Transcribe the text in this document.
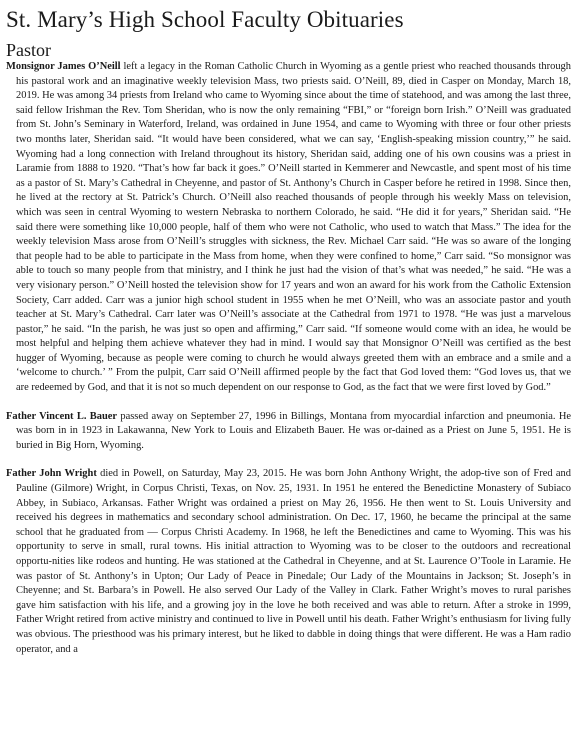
St. Mary’s High School Faculty Obituaries
Pastor

Monsignor James O’Neill left a legacy in the Roman Catholic Church in Wyoming as a gentle priest who reached thousands through his pastoral work and an imaginative weekly television Mass, two priests said. O’Neill, 89, died in Casper on Monday, March 18, 2019. He was among 34 priests from Ireland who came to Wyoming since about the time of statehood, and was among the last three, said fellow Irishman the Rev. Tom Sheridan, who is now the only remaining “FBI,” or “foreign born Irish.” O’Neill was graduated from St. John’s Seminary in Waterford, Ireland, was ordained in June 1954, and came to Wyoming with three or four other priests two months later, Sheridan said. “It would have been considered, what we can say, ‘English-speaking mission country,’” he said. Wyoming had a long connection with Ireland throughout its history, Sheridan said, adding one of his own cousins was a priest in Laramie from 1888 to 1920. “That’s how far back it goes.” O’Neill started in Kemmerer and Newcastle, and spent most of his time as a pastor of St. Mary’s Cathedral in Cheyenne, and pastor of St. Anthony’s Church in Casper before he retired in 1998. Since then, he lived at the rectory at St. Patrick’s Church. O’Neill also reached thousands of people through his weekly Mass on television, which was seen in central Wyoming to western Nebraska to northern Colorado, he said. “He did it for years,” Sheridan said. “He said there were something like 10,000 people, half of them who were not Catholic, who used to watch that Mass.” The idea for the weekly television Mass arose from O’Neill’s struggles with sickness, the Rev. Michael Carr said. “He was so aware of the longing that people had to be able to participate in the Mass from home, when they were confined to home,” Carr said. “So monsignor was able to touch so many people from that ministry, and I think he just had the vision of that’s what was needed,” he said. “He was a very visionary person.” O’Neill hosted the television show for 17 years and won an award for his work from the Catholic Extension Society, Carr added. Carr was a junior high school student in 1955 when he met O’Neill, who was an associate pastor and youth teacher at St. Mary’s Cathedral. Carr later was O’Neill’s associate at the Cathedral from 1971 to 1978. “He was just a marvelous pastor,” he said. “In the parish, he was just so open and affirming,” Carr said. “If someone would come with an idea, he would be most helpful and helping them achieve whatever they had in mind. I would say that Monsignor O’Neill was certified as the best hugger of Wyoming, because as people were coming to church he would always greeted them with an embrace and a smile and a ‘welcome to church.’ ” From the pulpit, Carr said O’Neill affirmed people by the fact that God loved them: “God loves us, that we are redeemed by God, and that it is not so much dependent on our response to God, as the fact that we were first loved by God.”

Father Vincent L. Bauer passed away on September 27, 1996 in Billings, Montana from myocardial infarction and pneumonia. He was born in in 1923 in Lakawanna, New York to Louis and Elizabeth Bauer. He was or-dained as a Priest on June 5, 1951. He is buried in Big Horn, Wyoming.

Father John Wright died in Powell, on Saturday, May 23, 2015. He was born John Anthony Wright, the adop-tive son of Fred and Pauline (Gilmore) Wright, in Corpus Christi, Texas, on Nov. 25, 1931. In 1951 he entered the Benedictine Monastery of Subiaco Abbey, in Subiaco, Arkansas. Father Wright was ordained a priest on May 26, 1956. He then went to St. Louis University and received his degrees in mathematics and secondary school administration. On Dec. 17, 1960, he became the principal at the same school that he graduated from — Corpus Christi Academy. In 1968, he left the Benedictines and came to Wyoming. This was his opportunity to serve in small, rural towns. His initial attraction to Wyoming was to be closer to the outdoors and recreational opportu-nities like rodeos and hunting. He was stationed at the Cathedral in Cheyenne, and at St. Laurence O’Toole in Laramie. He was pastor of St. Anthony’s in Upton; Our Lady of Peace in Pinedale; Our Lady of the Mountains in Jackson; St. Joseph’s in Cheyenne; and St. Barbara’s in Powell. He also served Our Lady of the Valley in Clark. Father Wright’s moves to rural parishes gave him satisfaction with his life, and a growing joy in the love he both received and was able to return. After a stroke in 1999, Father Wright retired from active ministry and continued to live in Powell until his death. Father Wright’s enthusiasm for living fully was obvious. The priesthood was his primary interest, but he liked to dabble in doing things that were different. He was a Ham radio operator, and a
